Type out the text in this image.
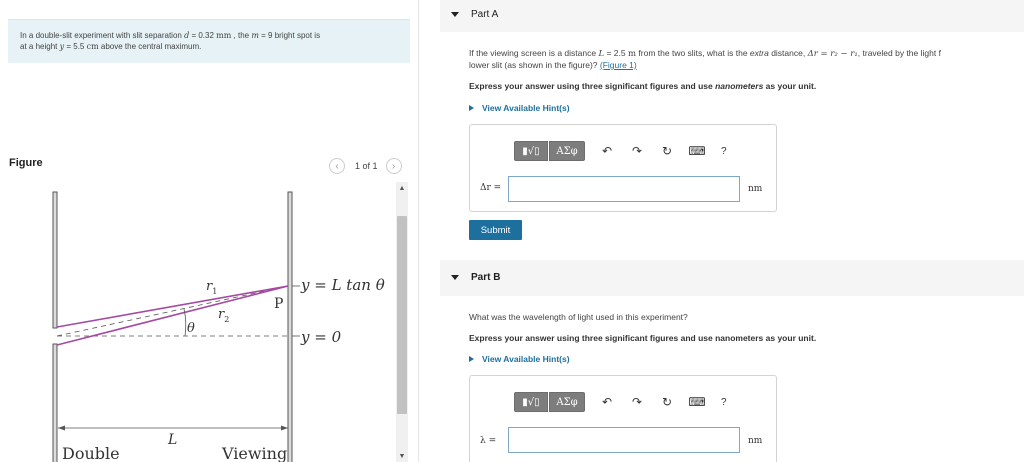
In a double-slit experiment with slit separation d = 0.32 mm , the m = 9 bright spot is
at a height y = 5.5 cm above the central maximum.
Figure	‹	1 of 1	›
$r_1$
$r_2$
θ
P
y = L tan θ
y = 0
L
Double	Viewing
▲
▼
Part A
If the viewing screen is a distance L = 2.5 m from the two slits, what is the extra distance, Δr = r₂ − r₁, traveled by the light f
lower slit (as shown in the figure)? (Figure 1)
Express your answer using three significant figures and use nanometers as your unit.
View Available Hint(s)
▮√▯	ΑΣφ	↶	↷	↻	⌨ ?
Δr =	nm
Submit
Part B
What was the wavelength of light used in this experiment?
Express your answer using three significant figures and use nanometers as your unit.
View Available Hint(s)
▮√▯	ΑΣφ	↶	↷	↻	⌨ ?
λ =	nm
